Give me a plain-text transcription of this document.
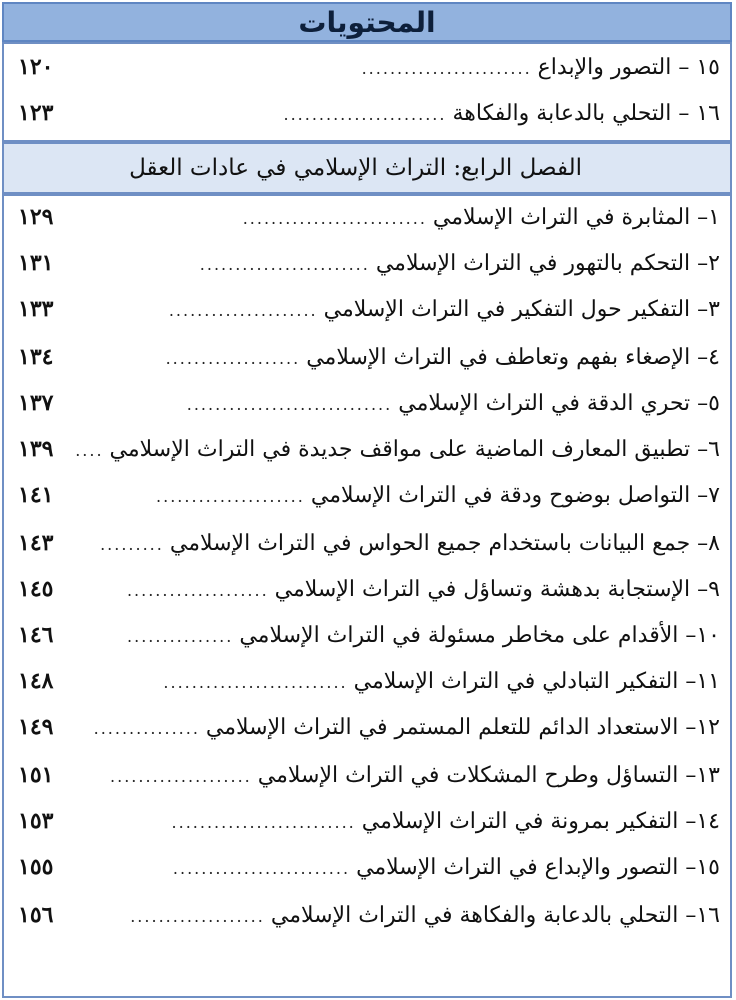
المحتويات
١٥ – التصور والإبداع
........................
١٢٠
١٦ – التحلي بالدعابة والفكاهة
.......................
١٢٣
الفصل الرابع: التراث الإسلامي في عادات العقل
١– المثابرة في التراث الإسلامي
..........................
١٢٩
٢– التحكم بالتهور في التراث الإسلامي
........................
١٣١
٣– التفكير حول التفكير في التراث الإسلامي
.....................
١٣٣
٤– الإصغاء بفهم وتعاطف في التراث الإسلامي
...................
١٣٤
٥– تحري الدقة في التراث الإسلامي
.............................
١٣٧
٦– تطبيق المعارف الماضية على مواقف جديدة في التراث الإسلامي
....
١٣٩
٧– التواصل بوضوح ودقة في التراث الإسلامي
.....................
١٤١
٨– جمع البيانات باستخدام جميع الحواس في التراث الإسلامي
.........
١٤٣
٩– الإستجابة بدهشة وتساؤل في التراث الإسلامي
....................
١٤٥
١٠– الأقدام على مخاطر مسئولة في التراث الإسلامي
...............
١٤٦
١١– التفكير التبادلي في التراث الإسلامي
..........................
١٤٨
١٢– الاستعداد الدائم للتعلم المستمر في التراث الإسلامي
...............
١٤٩
١٣– التساؤل وطرح المشكلات في التراث الإسلامي
....................
١٥١
١٤– التفكير بمرونة في التراث الإسلامي
..........................
١٥٣
١٥– التصور والإبداع في التراث الإسلامي
.........................
١٥٥
١٦– التحلي بالدعابة والفكاهة في التراث الإسلامي
...................
١٥٦
